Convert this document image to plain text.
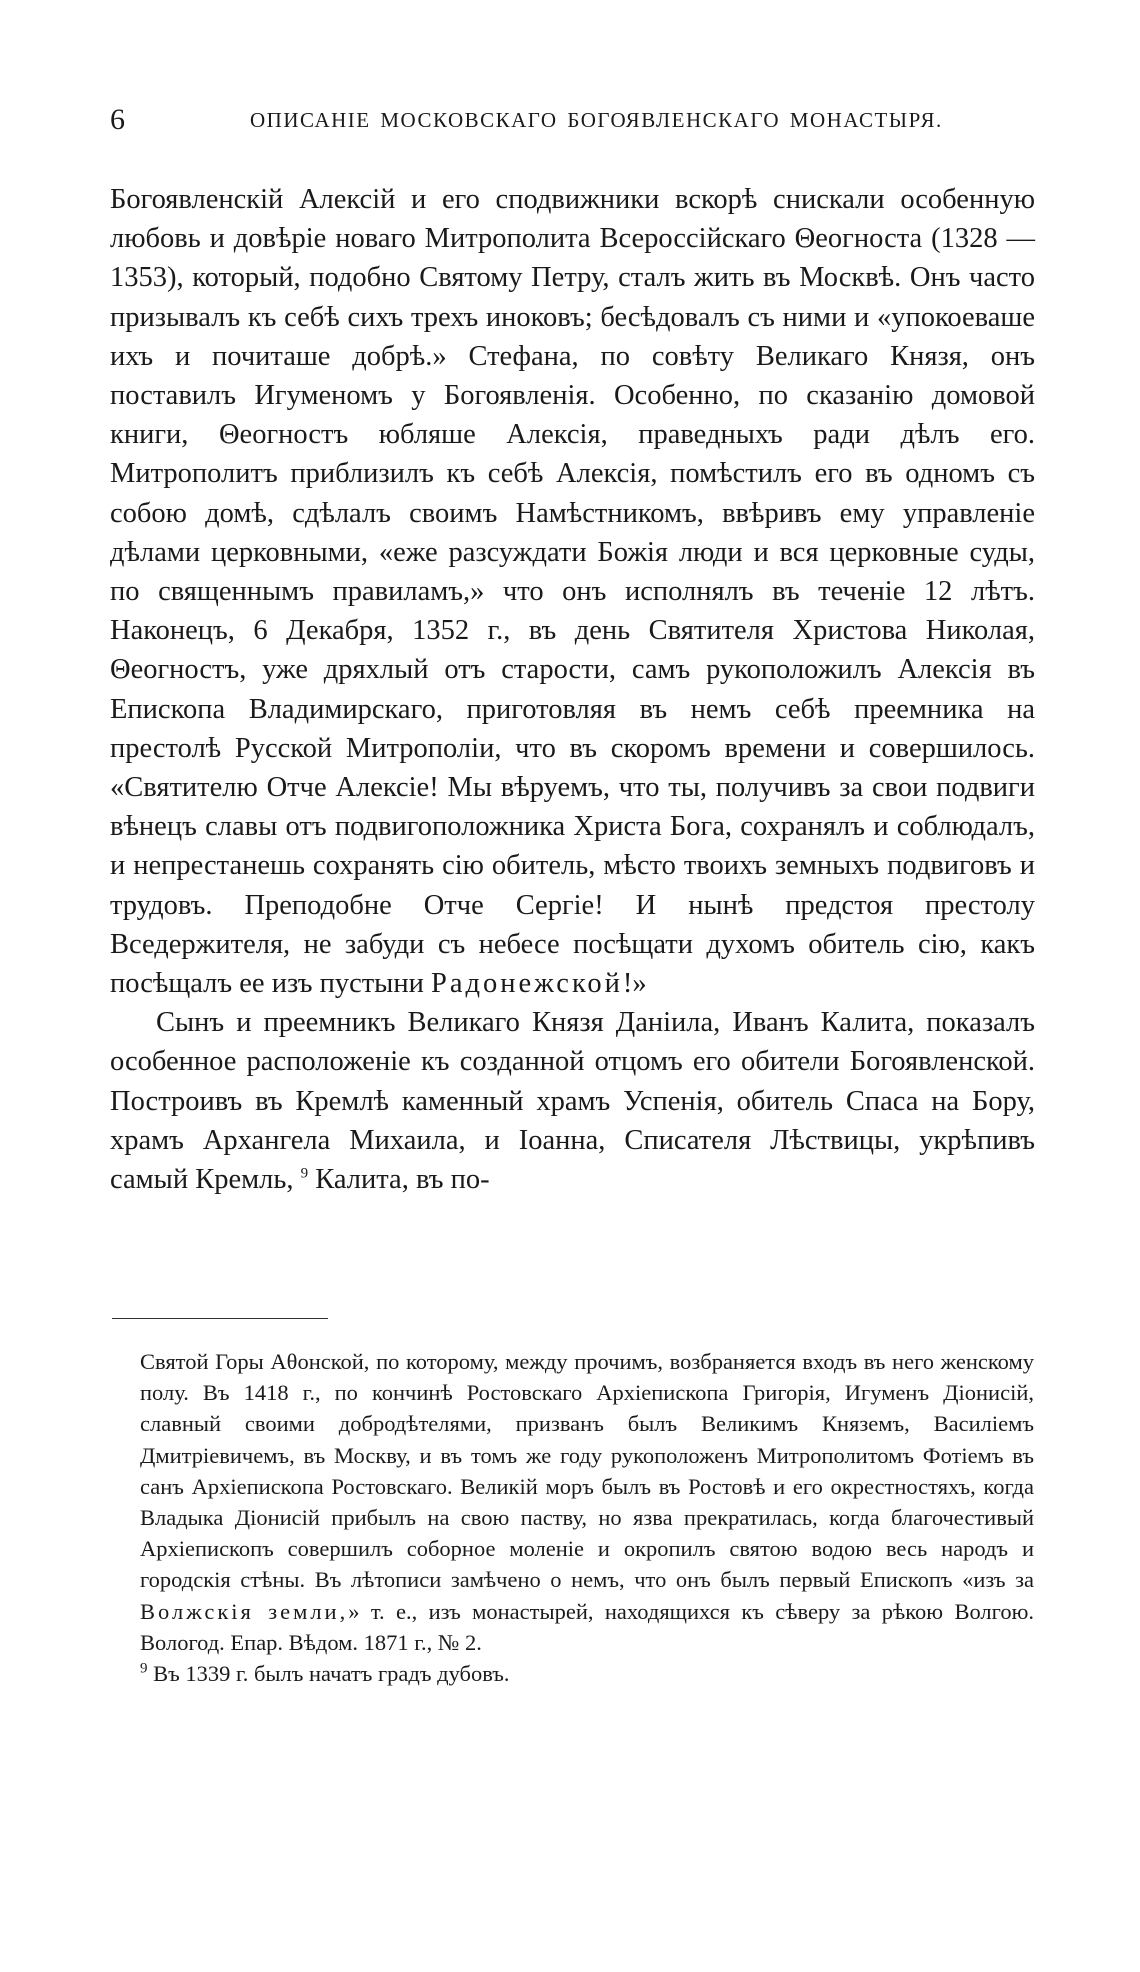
6	ОПИСАНІЕ МОСКОВСКАГО БОГОЯВЛЕНСКАГО МОНАСТЫРЯ.

Богоявленскій Алексій и его сподвижники вскорѣ снискали особенную любовь и довѣріе новаго Митрополита Всероссійскаго Θеогноста (1328 — 1353), который, подобно Святому Петру, сталъ жить въ Москвѣ. Онъ часто призывалъ къ себѣ сихъ трехъ иноковъ; бесѣдовалъ съ ними и «упокоеваше ихъ и почиташе добрѣ.» Стефана, по совѣту Великаго Князя, онъ поставилъ Игуменомъ у Богоявленія. Особенно, по сказанію домовой книги, Θеогностъ юбляше Алексія, праведныхъ ради дѣлъ его. Митрополитъ приблизилъ къ себѣ Алексія, помѣстилъ его въ одномъ съ собою домѣ, сдѣлалъ своимъ Намѣстникомъ, ввѣривъ ему управленіе дѣлами церковными, «еже разсуждати Божія люди и вся церковные суды, по священнымъ правиламъ,» что онъ исполнялъ въ теченіе 12 лѣтъ. Наконецъ, 6 Декабря, 1352 г., въ день Святителя Христова Николая, Θеогностъ, уже дряхлый отъ старости, самъ рукоположилъ Алексія въ Епископа Владимирскаго, приготовляя въ немъ себѣ преемника на престолѣ Русской Митрополіи, что въ скоромъ времени и совершилось. «Святителю Отче Алексіе! Мы вѣруемъ, что ты, получивъ за свои подвиги вѣнецъ славы отъ подвигоположника Христа Бога, сохранялъ и соблюдалъ, и непрестанешь сохранять сію обитель, мѣсто твоихъ земныхъ подвиговъ и трудовъ. Преподобне Отче Сергіе! И нынѣ предстоя престолу Вседержителя, не забуди съ небесе посѣщати духомъ обитель сію, какъ посѣщалъ ее изъ пустыни Радонежской!»

Сынъ и преемникъ Великаго Князя Даніила, Иванъ Калита, показалъ особенное расположеніе къ созданной отцомъ его обители Богоявленской. Построивъ въ Кремлѣ каменный храмъ Успенія, обитель Спаса на Бору, храмъ Архангела Михаила, и Іоанна, Списателя Лѣствицы, укрѣпивъ самый Кремль, $^9$ Калита, въ по-

Святой Горы Аθонской, по которому, между прочимъ, возбраняется входъ въ него женскому полу. Въ 1418 г., по кончинѣ Ростовскаго Архіепископа Григорія, Игуменъ Діонисій, славный своими добродѣтелями, призванъ былъ Великимъ Княземъ, Василіемъ Дмитріевичемъ, въ Москву, и въ томъ же году рукоположенъ Митрополитомъ Фотіемъ въ санъ Архіепископа Ростовскаго. Великій моръ былъ въ Ростовѣ и его окрестностяхъ, когда Владыка Діонисій прибылъ на свою паству, но язва прекратилась, когда благочестивый Архіепископъ совершилъ соборное моленіе и окропилъ святою водою весь народъ и городскія стѣны. Въ лѣтописи замѣчено о немъ, что онъ былъ первый Епископъ «изъ за Волжскія земли,» т. е., изъ монастырей, находящихся къ сѣверу за рѣкою Волгою. Вологод. Епар. Вѣдом. 1871 г., № 2.

$^9$ Въ 1339 г. былъ начатъ градъ дубовъ.
